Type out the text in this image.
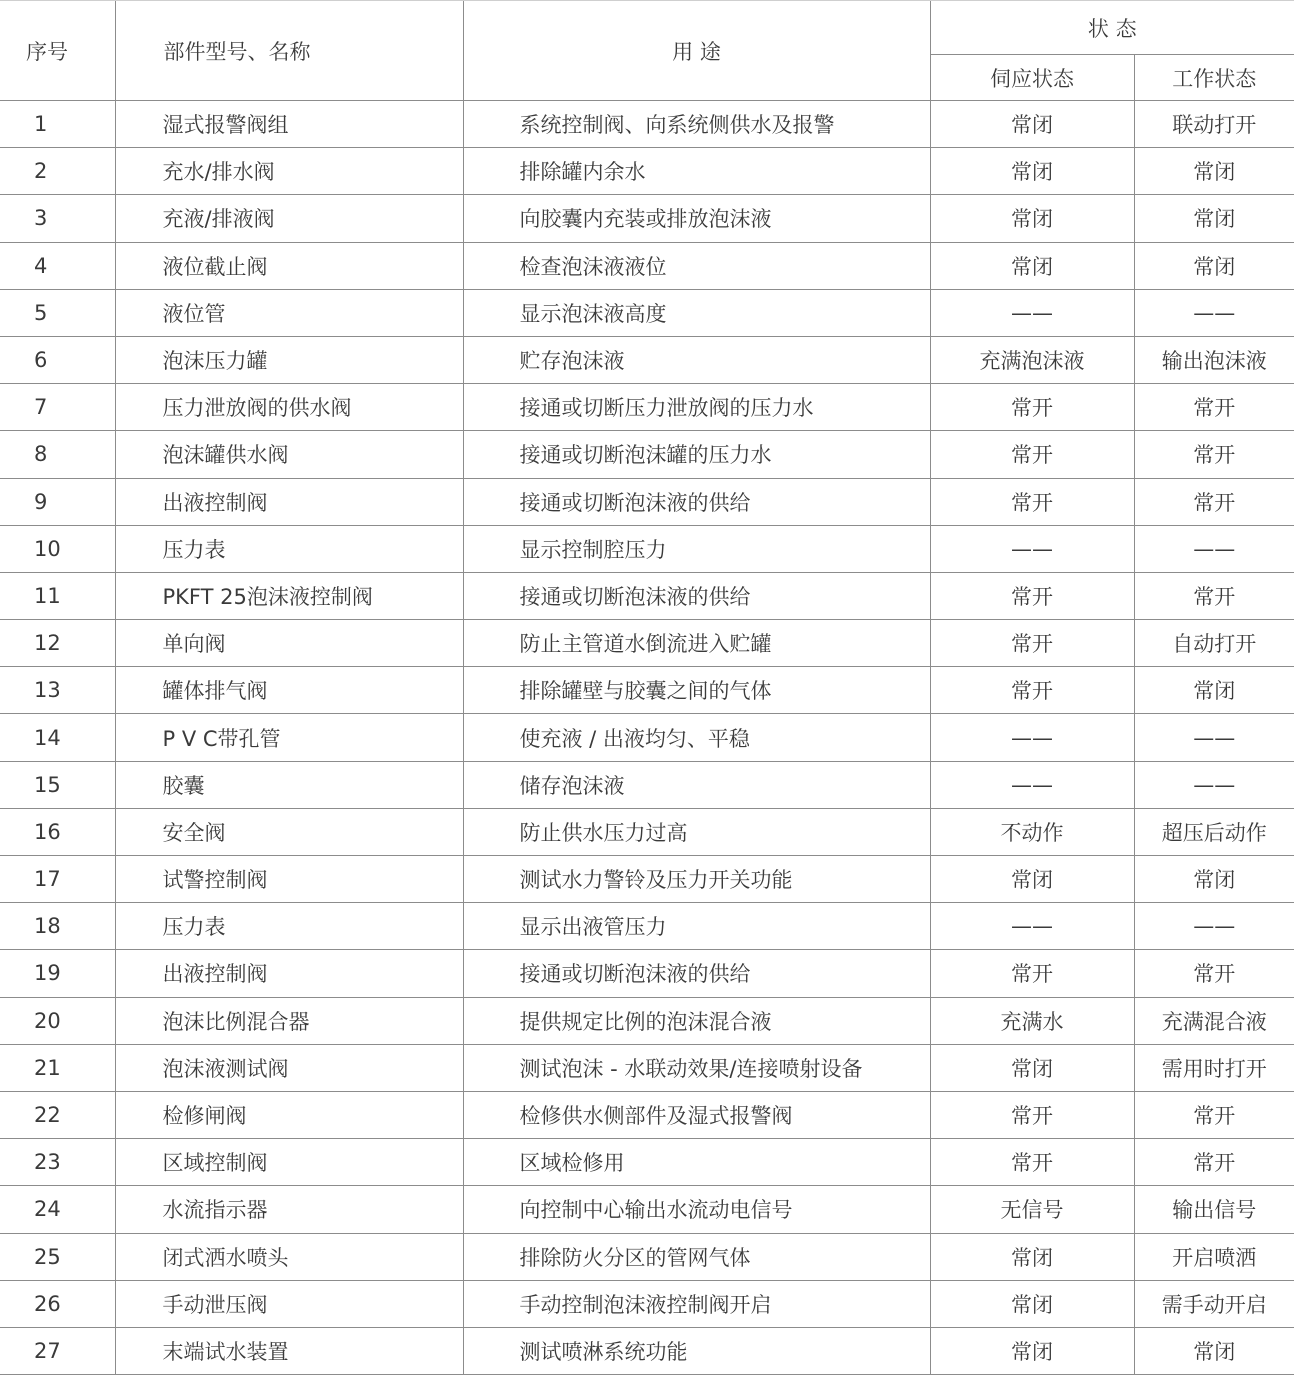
序号	部件型号、名称	用 途	状 态	
			伺应状态	工作状态
1	湿式报警阀组	系统控制阀、向系统侧供水及报警	常闭	联动打开
2	充水/排水阀	排除罐内余水	常闭	常闭
3	充液/排液阀	向胶囊内充装或排放泡沫液	常闭	常闭
4	液位截止阀	检查泡沫液液位	常闭	常闭
5	液位管	显示泡沫液高度	——	——
6	泡沫压力罐	贮存泡沫液	充满泡沫液	输出泡沫液
7	压力泄放阀的供水阀	接通或切断压力泄放阀的压力水	常开	常开
8	泡沫罐供水阀	接通或切断泡沫罐的压力水	常开	常开
9	出液控制阀	接通或切断泡沫液的供给	常开	常开
10	压力表	显示控制腔压力	——	——
11	PKFT 25泡沫液控制阀	接通或切断泡沫液的供给	常开	常开
12	单向阀	防止主管道水倒流进入贮罐	常开	自动打开
13	罐体排气阀	排除罐壁与胶囊之间的气体	常开	常闭
14	P V C带孔管	使充液 / 出液均匀、平稳	——	——
15	胶囊	储存泡沫液	——	——
16	安全阀	防止供水压力过高	不动作	超压后动作
17	试警控制阀	测试水力警铃及压力开关功能	常闭	常闭
18	压力表	显示出液管压力	——	——
19	出液控制阀	接通或切断泡沫液的供给	常开	常开
20	泡沫比例混合器	提供规定比例的泡沫混合液	充满水	充满混合液
21	泡沫液测试阀	测试泡沫 - 水联动效果/连接喷射设备	常闭	需用时打开
22	检修闸阀	检修供水侧部件及湿式报警阀	常开	常开
23	区域控制阀	区域检修用	常开	常开
24	水流指示器	向控制中心输出水流动电信号	无信号	输出信号
25	闭式洒水喷头	排除防火分区的管网气体	常闭	开启喷洒
26	手动泄压阀	手动控制泡沫液控制阀开启	常闭	需手动开启
27	末端试水装置	测试喷淋系统功能	常闭	常闭
